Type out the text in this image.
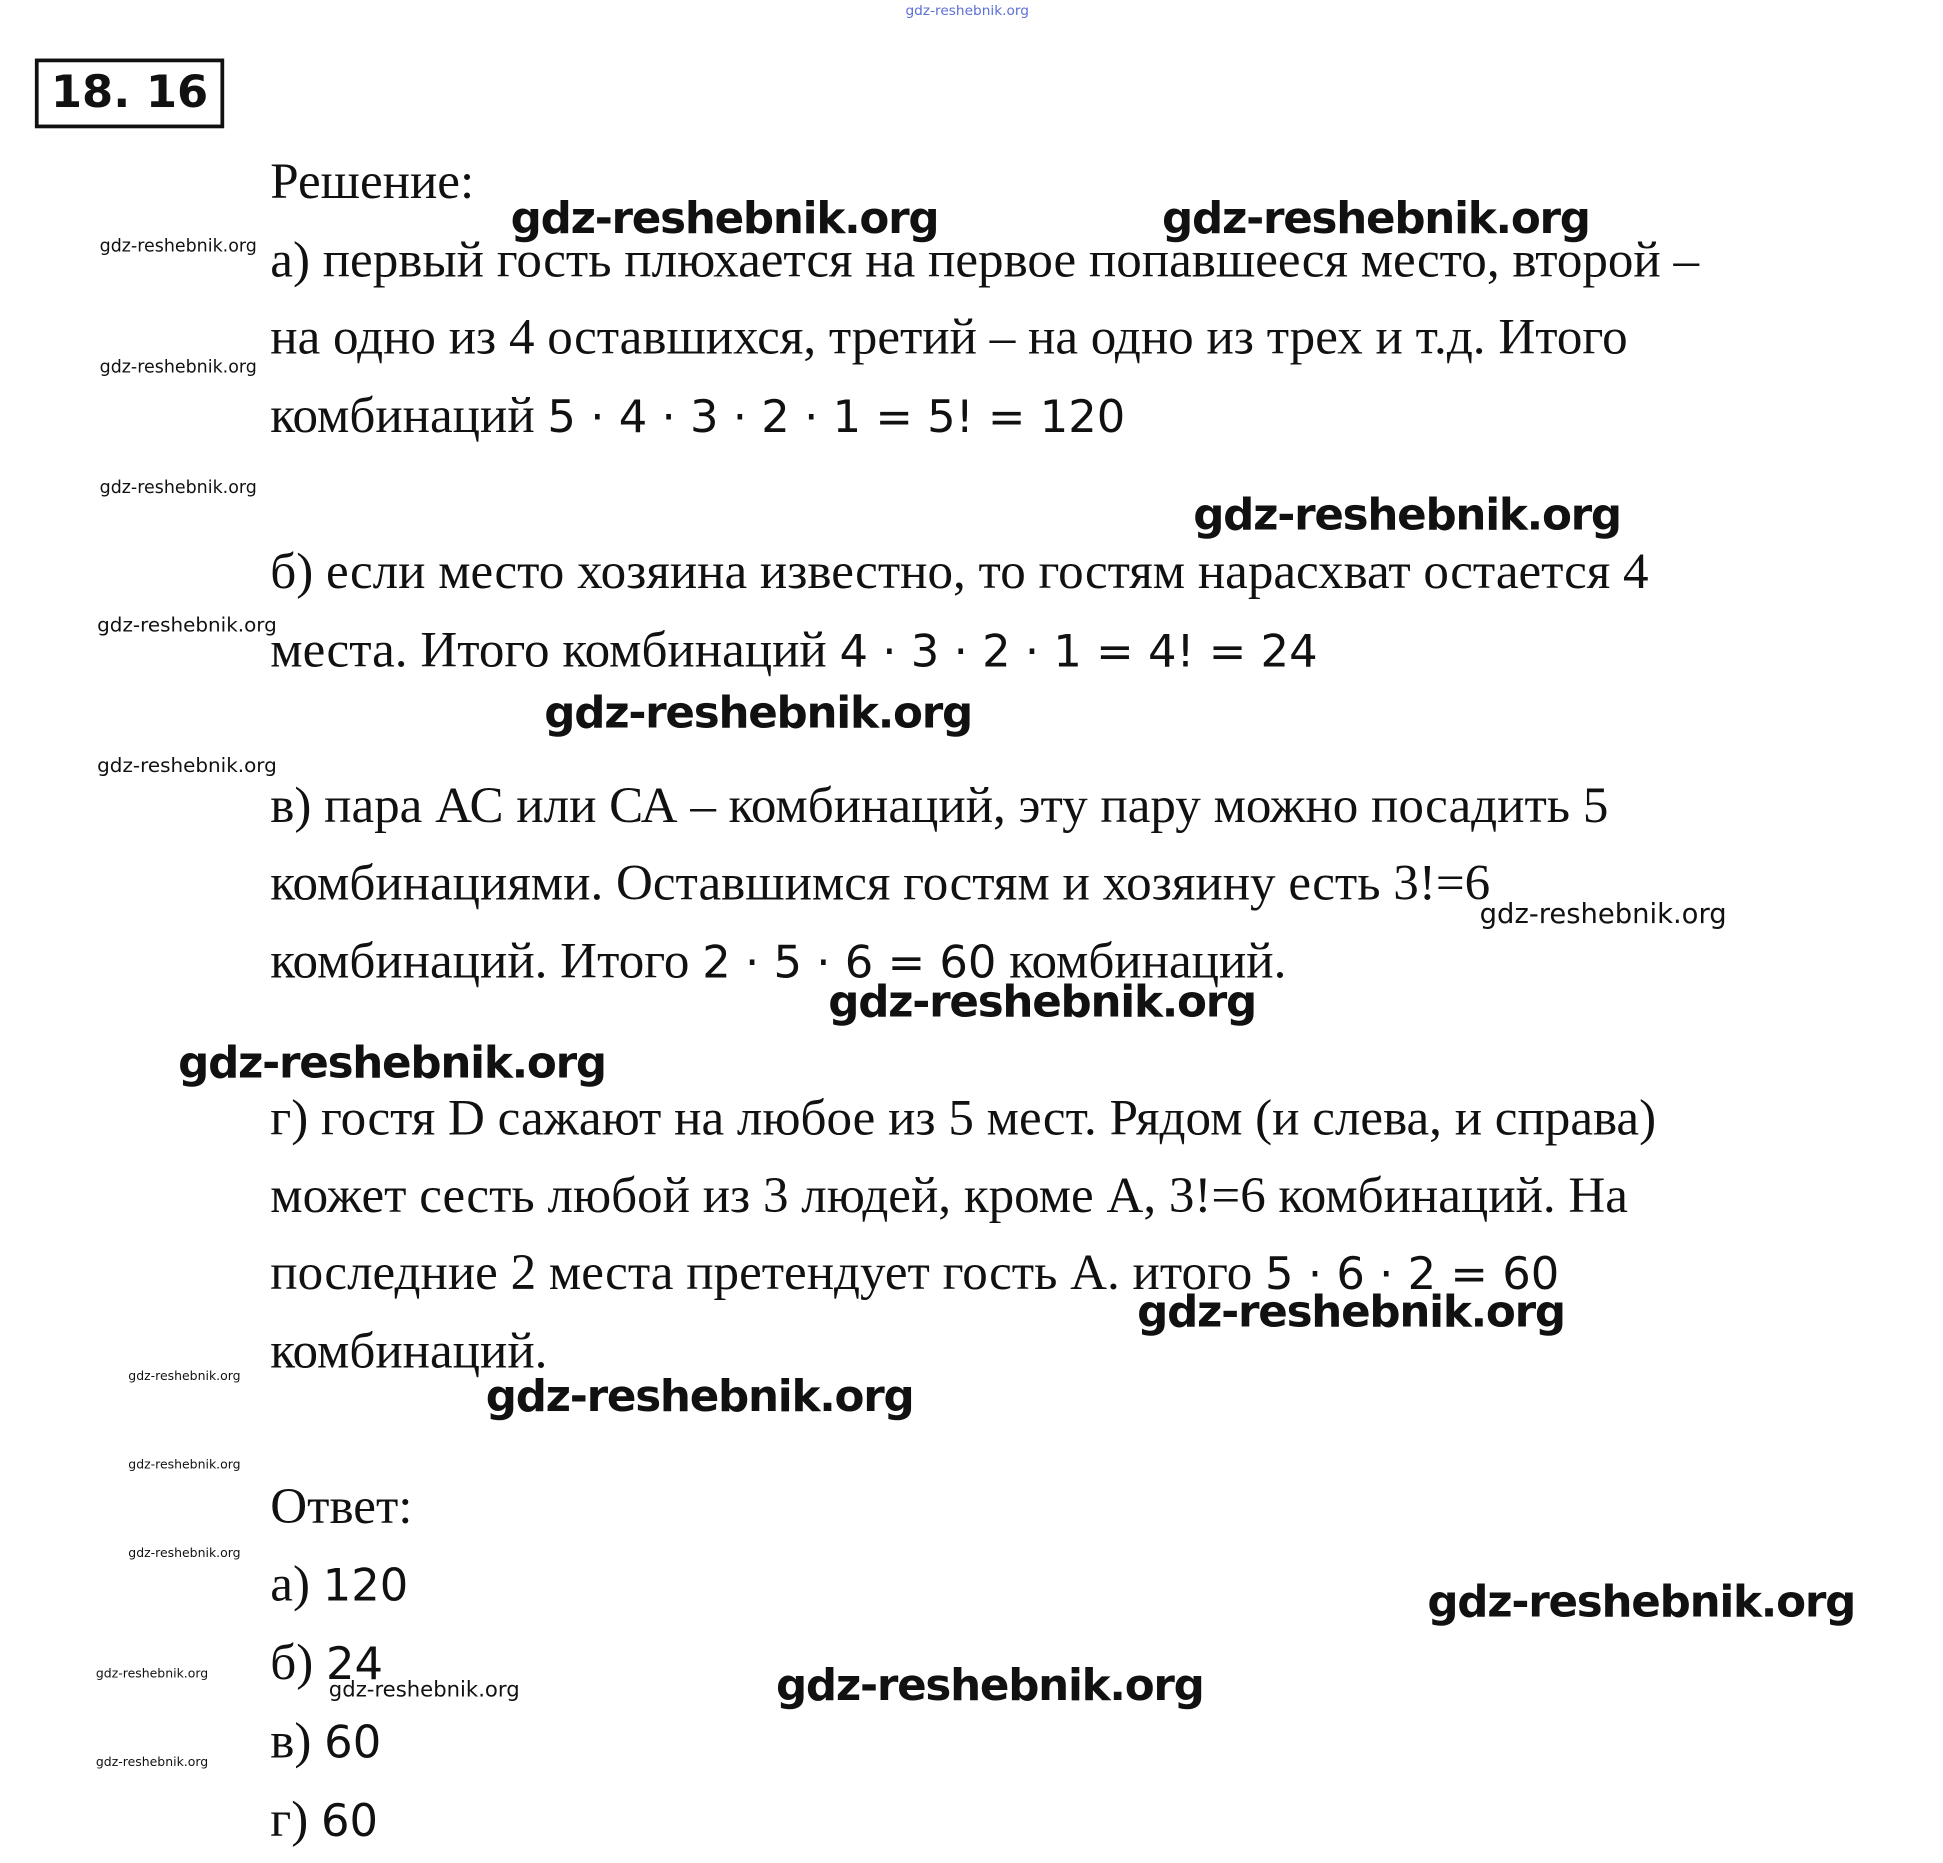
gdz-reshebnik.org
18. 16
Решение:
а) первый гость плюхается на первое попавшееся место, второй –
на одно из 4 оставшихся, третий – на одно из трех и т.д. Итого
комбинаций 5 · 4 · 3 · 2 · 1 = 5! = 120
б) если место хозяина известно, то гостям нарасхват остается 4
места. Итого комбинаций 4 · 3 · 2 · 1 = 4! = 24
в) пара АС или СА – комбинаций, эту пару можно посадить 5
комбинациями. Оставшимся гостям и хозяину есть 3!=6
комбинаций. Итого 2 · 5 · 6 = 60 комбинаций.
г) гостя D сажают на любое из 5 мест. Рядом (и слева, и справа)
может сесть любой из 3 людей, кроме А, 3!=6 комбинаций. На
последние 2 места претендует гость А. итого 5 · 6 · 2 = 60
комбинаций.
Ответ:
а) 120
б) 24
в) 60
г) 60
gdz-reshebnik.org	gdz-reshebnik.org
gdz-reshebnik.org
gdz-reshebnik.org
gdz-reshebnik.org
gdz-reshebnik.org
gdz-reshebnik.org
gdz-reshebnik.org
gdz-reshebnik.org
gdz-reshebnik.org
gdz-reshebnik.org
gdz-reshebnik.org
gdz-reshebnik.org
gdz-reshebnik.org
gdz-reshebnik.org
gdz-reshebnik.org
gdz-reshebnik.org
gdz-reshebnik.org
gdz-reshebnik.org
gdz-reshebnik.org
gdz-reshebnik.org
gdz-reshebnik.org
